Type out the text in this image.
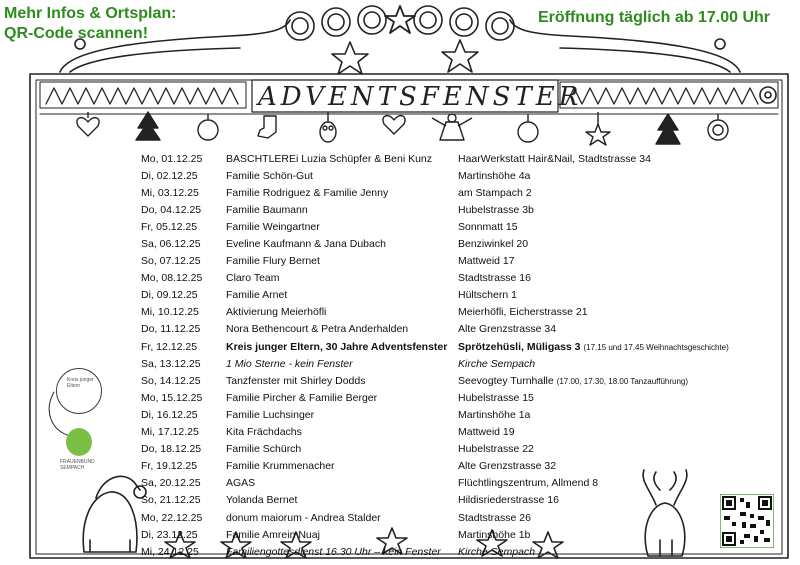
Mehr Infos & Ortsplan:
QR-Code scannen!
Eröffnung täglich ab 17.00 Uhr
ADVENTSFENSTER
Kreis junger Eltern
FRAUENBUND SEMPACH
Mo, 01.12.25	BASCHTLEREi Luzia Schüpfer & Beni Kunz	HaarWerkstatt Hair&Nail, Stadtstrasse 34
Di, 02.12.25	Familie Schön-Gut	Martinshöhe 4a
Mi, 03.12.25	Familie Rodriguez & Familie Jenny	am Stampach 2
Do, 04.12.25	Familie Baumann	Hubelstrasse 3b
Fr, 05.12.25	Familie Weingartner	Sonnmatt 15
Sa, 06.12.25	Eveline Kaufmann & Jana Dubach	Benziwinkel 20
So, 07.12.25	Familie Flury Bernet	Mattweid 17
Mo, 08.12.25	Claro Team	Stadtstrasse 16
Di, 09.12.25	Familie Arnet	Hültschern 1
Mi, 10.12.25	Aktivierung Meierhöfli	Meierhöfli, Eicherstrasse 21
Do, 11.12.25	Nora Bethencourt & Petra Anderhalden	Alte Grenzstrasse 34
Fr, 12.12.25	Kreis junger Eltern, 30 Jahre Adventsfenster	Sprötzehüsli, Müligass 3 (17.15 und 17.45 Weihnachtsgeschichte)
Sa, 13.12.25	1 Mio Sterne - kein Fenster	Kirche Sempach
So, 14.12.25	Tanzfenster mit Shirley Dodds	Seevogtey Turnhalle (17.00, 17.30, 18.00 Tanzaufführung)
Mo, 15.12.25	Familie Pircher & Familie Berger	Hubelstrasse 15
Di, 16.12.25	Familie Luchsinger	Martinshöhe 1a
Mi, 17.12.25	Kita Frächdachs	Mattweid 19
Do, 18.12.25	Familie Schürch	Hubelstrasse 22
Fr, 19.12.25	Familie Krummenacher	Alte Grenzstrasse 32
Sa, 20.12.25	AGAS	Flüchtlingszentrum, Allmend 8
So, 21.12.25	Yolanda Bernet	Hildisriederstrasse 16
Mo, 22.12.25	donum maiorum - Andrea Stalder	Stadtstrasse 26
Di, 23.12.25	Familie Amrein Nuaj	Martinshöhe 1b
Mi, 24.12.25	Familiengottesdienst 16.30 Uhr – kein Fenster	Kirche Sempach
